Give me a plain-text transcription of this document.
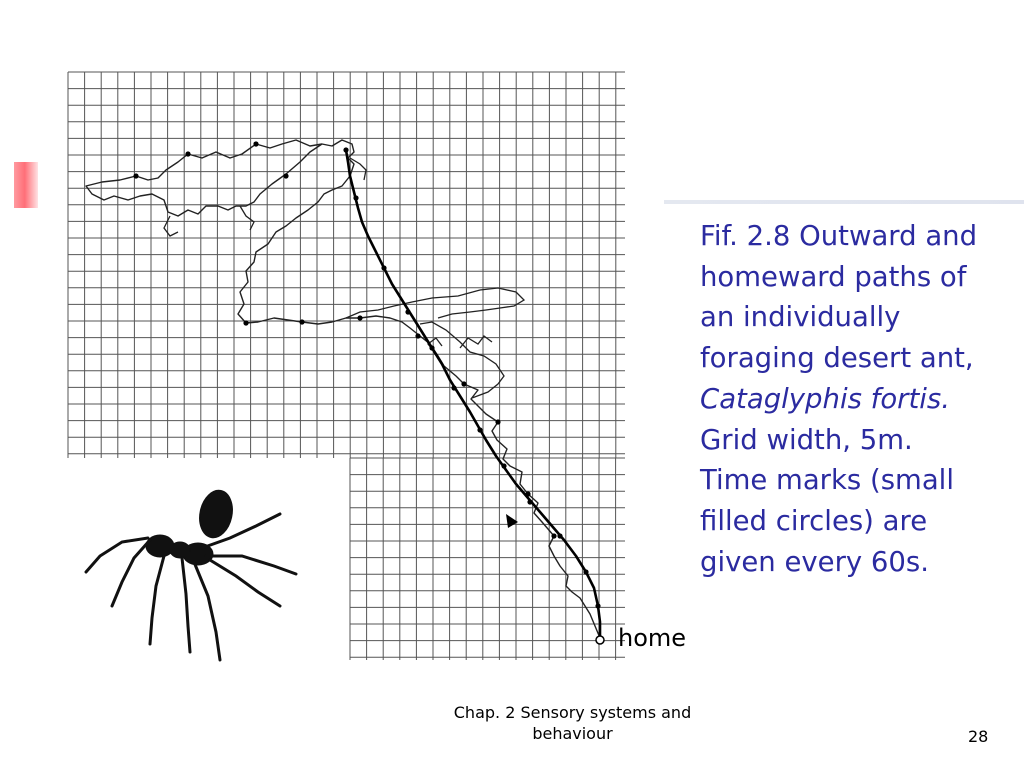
Fif. 2.8 Outward and
homeward paths of
an individually
foraging desert ant,
Cataglyphis fortis.
Grid width, 5m.
Time marks (small
filled circles) are
given every 60s.
home
Chap. 2 Sensory systems and
behaviour	28
